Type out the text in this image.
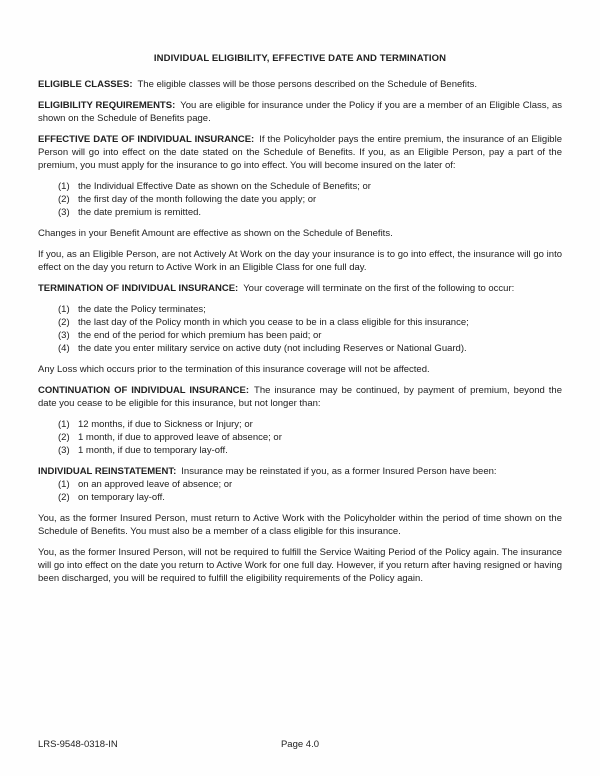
INDIVIDUAL ELIGIBILITY, EFFECTIVE DATE AND TERMINATION

ELIGIBLE CLASSES: The eligible classes will be those persons described on the Schedule of Benefits.

ELIGIBILITY REQUIREMENTS: You are eligible for insurance under the Policy if you are a member of an Eligible Class, as shown on the Schedule of Benefits page.

EFFECTIVE DATE OF INDIVIDUAL INSURANCE: If the Policyholder pays the entire premium, the insurance of an Eligible Person will go into effect on the date stated on the Schedule of Benefits. If you, as an Eligible Person, pay a part of the premium, you must apply for the insurance to go into effect. You will become insured on the later of:

(1) the Individual Effective Date as shown on the Schedule of Benefits; or
(2) the first day of the month following the date you apply; or
(3) the date premium is remitted.

Changes in your Benefit Amount are effective as shown on the Schedule of Benefits.

If you, as an Eligible Person, are not Actively At Work on the day your insurance is to go into effect, the insurance will go into effect on the day you return to Active Work in an Eligible Class for one full day.

TERMINATION OF INDIVIDUAL INSURANCE: Your coverage will terminate on the first of the following to occur:

(1) the date the Policy terminates;
(2) the last day of the Policy month in which you cease to be in a class eligible for this insurance;
(3) the end of the period for which premium has been paid; or
(4) the date you enter military service on active duty (not including Reserves or National Guard).

Any Loss which occurs prior to the termination of this insurance coverage will not be affected.

CONTINUATION OF INDIVIDUAL INSURANCE: The insurance may be continued, by payment of premium, beyond the date you cease to be eligible for this insurance, but not longer than:

(1) 12 months, if due to Sickness or Injury; or
(2) 1 month, if due to approved leave of absence; or
(3) 1 month, if due to temporary lay-off.

INDIVIDUAL REINSTATEMENT: Insurance may be reinstated if you, as a former Insured Person have been:

(1) on an approved leave of absence; or
(2) on temporary lay-off.

You, as the former Insured Person, must return to Active Work with the Policyholder within the period of time shown on the Schedule of Benefits. You must also be a member of a class eligible for this insurance.

You, as the former Insured Person, will not be required to fulfill the Service Waiting Period of the Policy again. The insurance will go into effect on the date you return to Active Work for one full day. However, if you return after having resigned or having been discharged, you will be required to fulfill the eligibility requirements of the Policy again.

LRS-9548-0318-IN	Page 4.0
